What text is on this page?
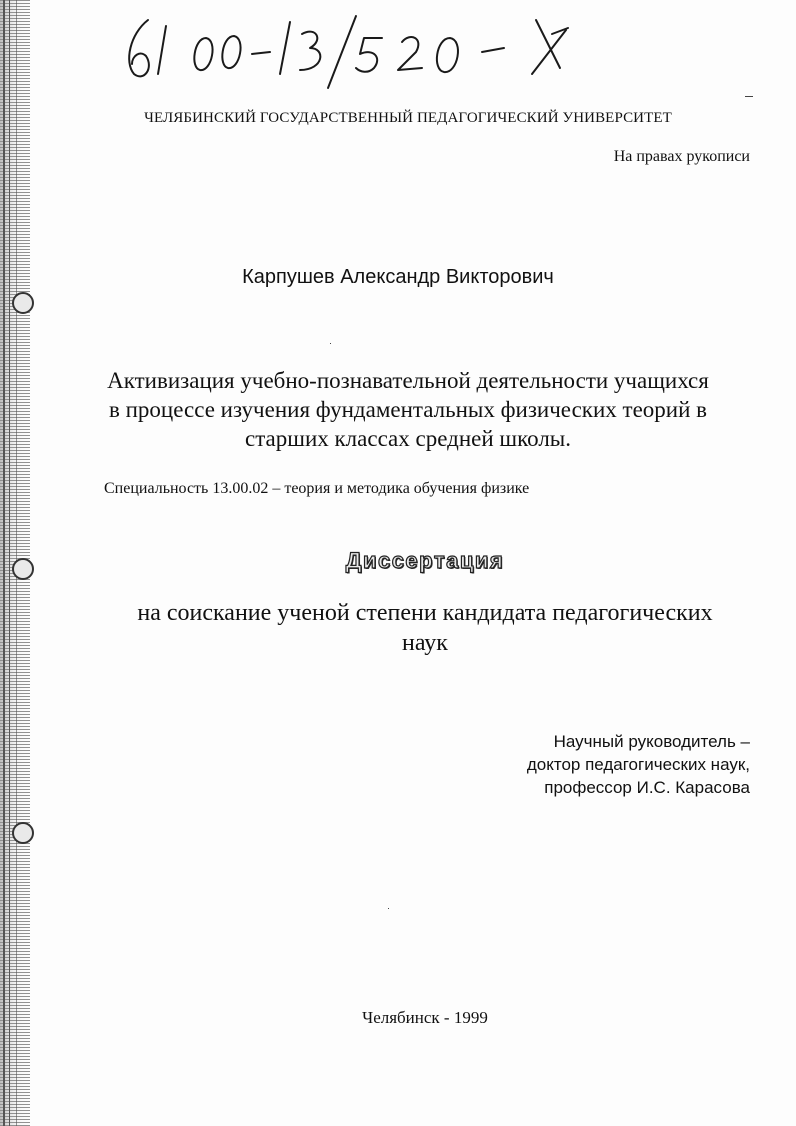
ЧЕЛЯБИНСКИЙ ГОСУДАРСТВЕННЫЙ ПЕДАГОГИЧЕСКИЙ УНИВЕРСИТЕТ
На правах рукописи
Карпушев Александр Викторович
Активизация учебно-познавательной деятельности учащихся
в процессе изучения фундаментальных физических теорий в
старших классах средней школы.
Специальность 13.00.02 – теория и методика обучения физике
Диссертация
на соискание ученой степени кандидата педагогических
наук
Научный руководитель –
доктор педагогических наук,
профессор И.С. Карасова
Челябинск - 1999
